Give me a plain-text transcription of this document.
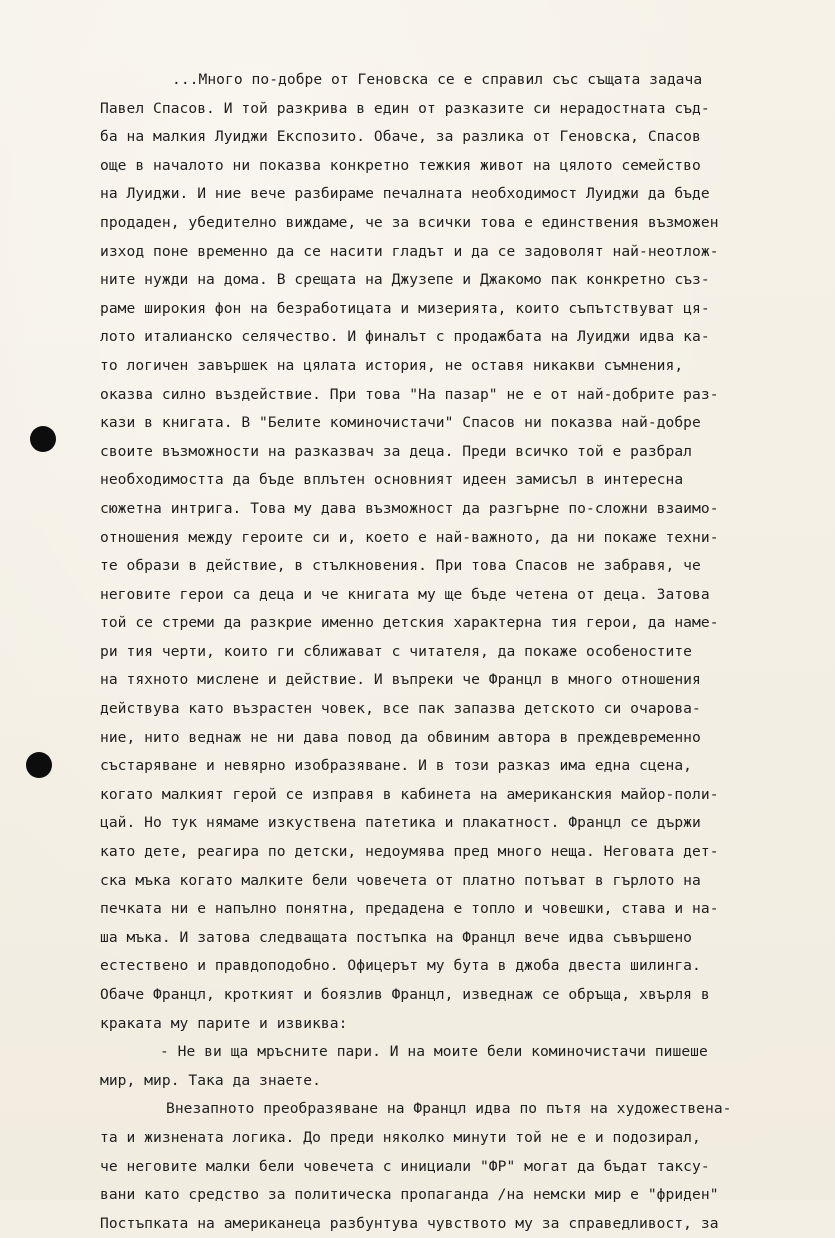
...Много по-добре от Геновска се е справил със същата задача
Павел Спасов. И той разкрива в един от разказите си нерадостната съд-
ба на малкия Луиджи Експозито. Обаче, за разлика от Геновска, Спасов
още в началото ни показва конкретно тежкия живот на цялото семейство
на Луиджи. И ние вече разбираме печалната необходимост Луиджи да бъде
продаден, убедително виждаме, че за всички това е единствения възможен
изход поне временно да се насити гладът и да се задоволят най-неотлож-
ните нужди на дома. В срещата на Джузепе и Джакомо пак конкретно съз-
раме широкия фон на безработицата и мизерията, които съпътствуват ця-
лото италианско селячество. И финалът с продажбата на Луиджи идва ка-
то логичен завършек на цялата история, не оставя никакви съмнения,
оказва силно въздействие. При това "На пазар" не е от най-добрите раз-
кази в книгата. В "Белите коминочистачи" Спасов ни показва най-добре
своите възможности на разказвач за деца. Преди всичко той е разбрал
необходимостта да бъде вплътен основният идеен замисъл в интересна
сюжетна интрига. Това му дава възможност да разгърне по-сложни взаимо-
отношения между героите си и, което е най-важното, да ни покаже техни-
те образи в действие, в стълкновения. При това Спасов не забравя, че
неговите герои са деца и че книгата му ще бъде четена от деца. Затова
той се стреми да разкрие именно детския характерна тия герои, да наме-
ри тия черти, които ги сближават с читателя, да покаже особеностите
на тяхното мислене и действие. И въпреки че Францл в много отношения
действува като възрастен човек, все пак запазва детското си очарова-
ние, нито веднаж не ни дава повод да обвиним автора в преждевременно
състаряване и невярно изобразяване. И в този разказ има една сцена,
когато малкият герой се изправя в кабинета на американския майор-поли-
цай. Но тук нямаме изкуствена патетика и плакатност. Францл се държи
като дете, реагира по детски, недоумява пред много неща. Неговата дет-
ска мъка когато малките бели човечета от платно потъват в гърлото на
печката ни е напълно понятна, предадена е топло и човешки, става и на-
ша мъка. И затова следващата постъпка на Францл вече идва съвършено
естествено и правдоподобно. Офицерът му бута в джоба двеста шилинга.
Обаче Францл, кроткият и боязлив Францл, изведнаж се обръща, хвърля в
краката му парите и извиква:
- Не ви ща мръсните пари. И на моите бели коминочистачи пишеше
мир, мир. Така да знаете.
Внезапното преобразяване на Францл идва по пътя на художествена-
та и жизнената логика. До преди няколко минути той не е и подозирал,
че неговите малки бели човечета с инициали "ФР" могат да бъдат таксу-
вани като средство за политическа пропаганда /на немски мир е "фриден"
Постъпката на американеца разбунтува чувството му за справедливост, за
